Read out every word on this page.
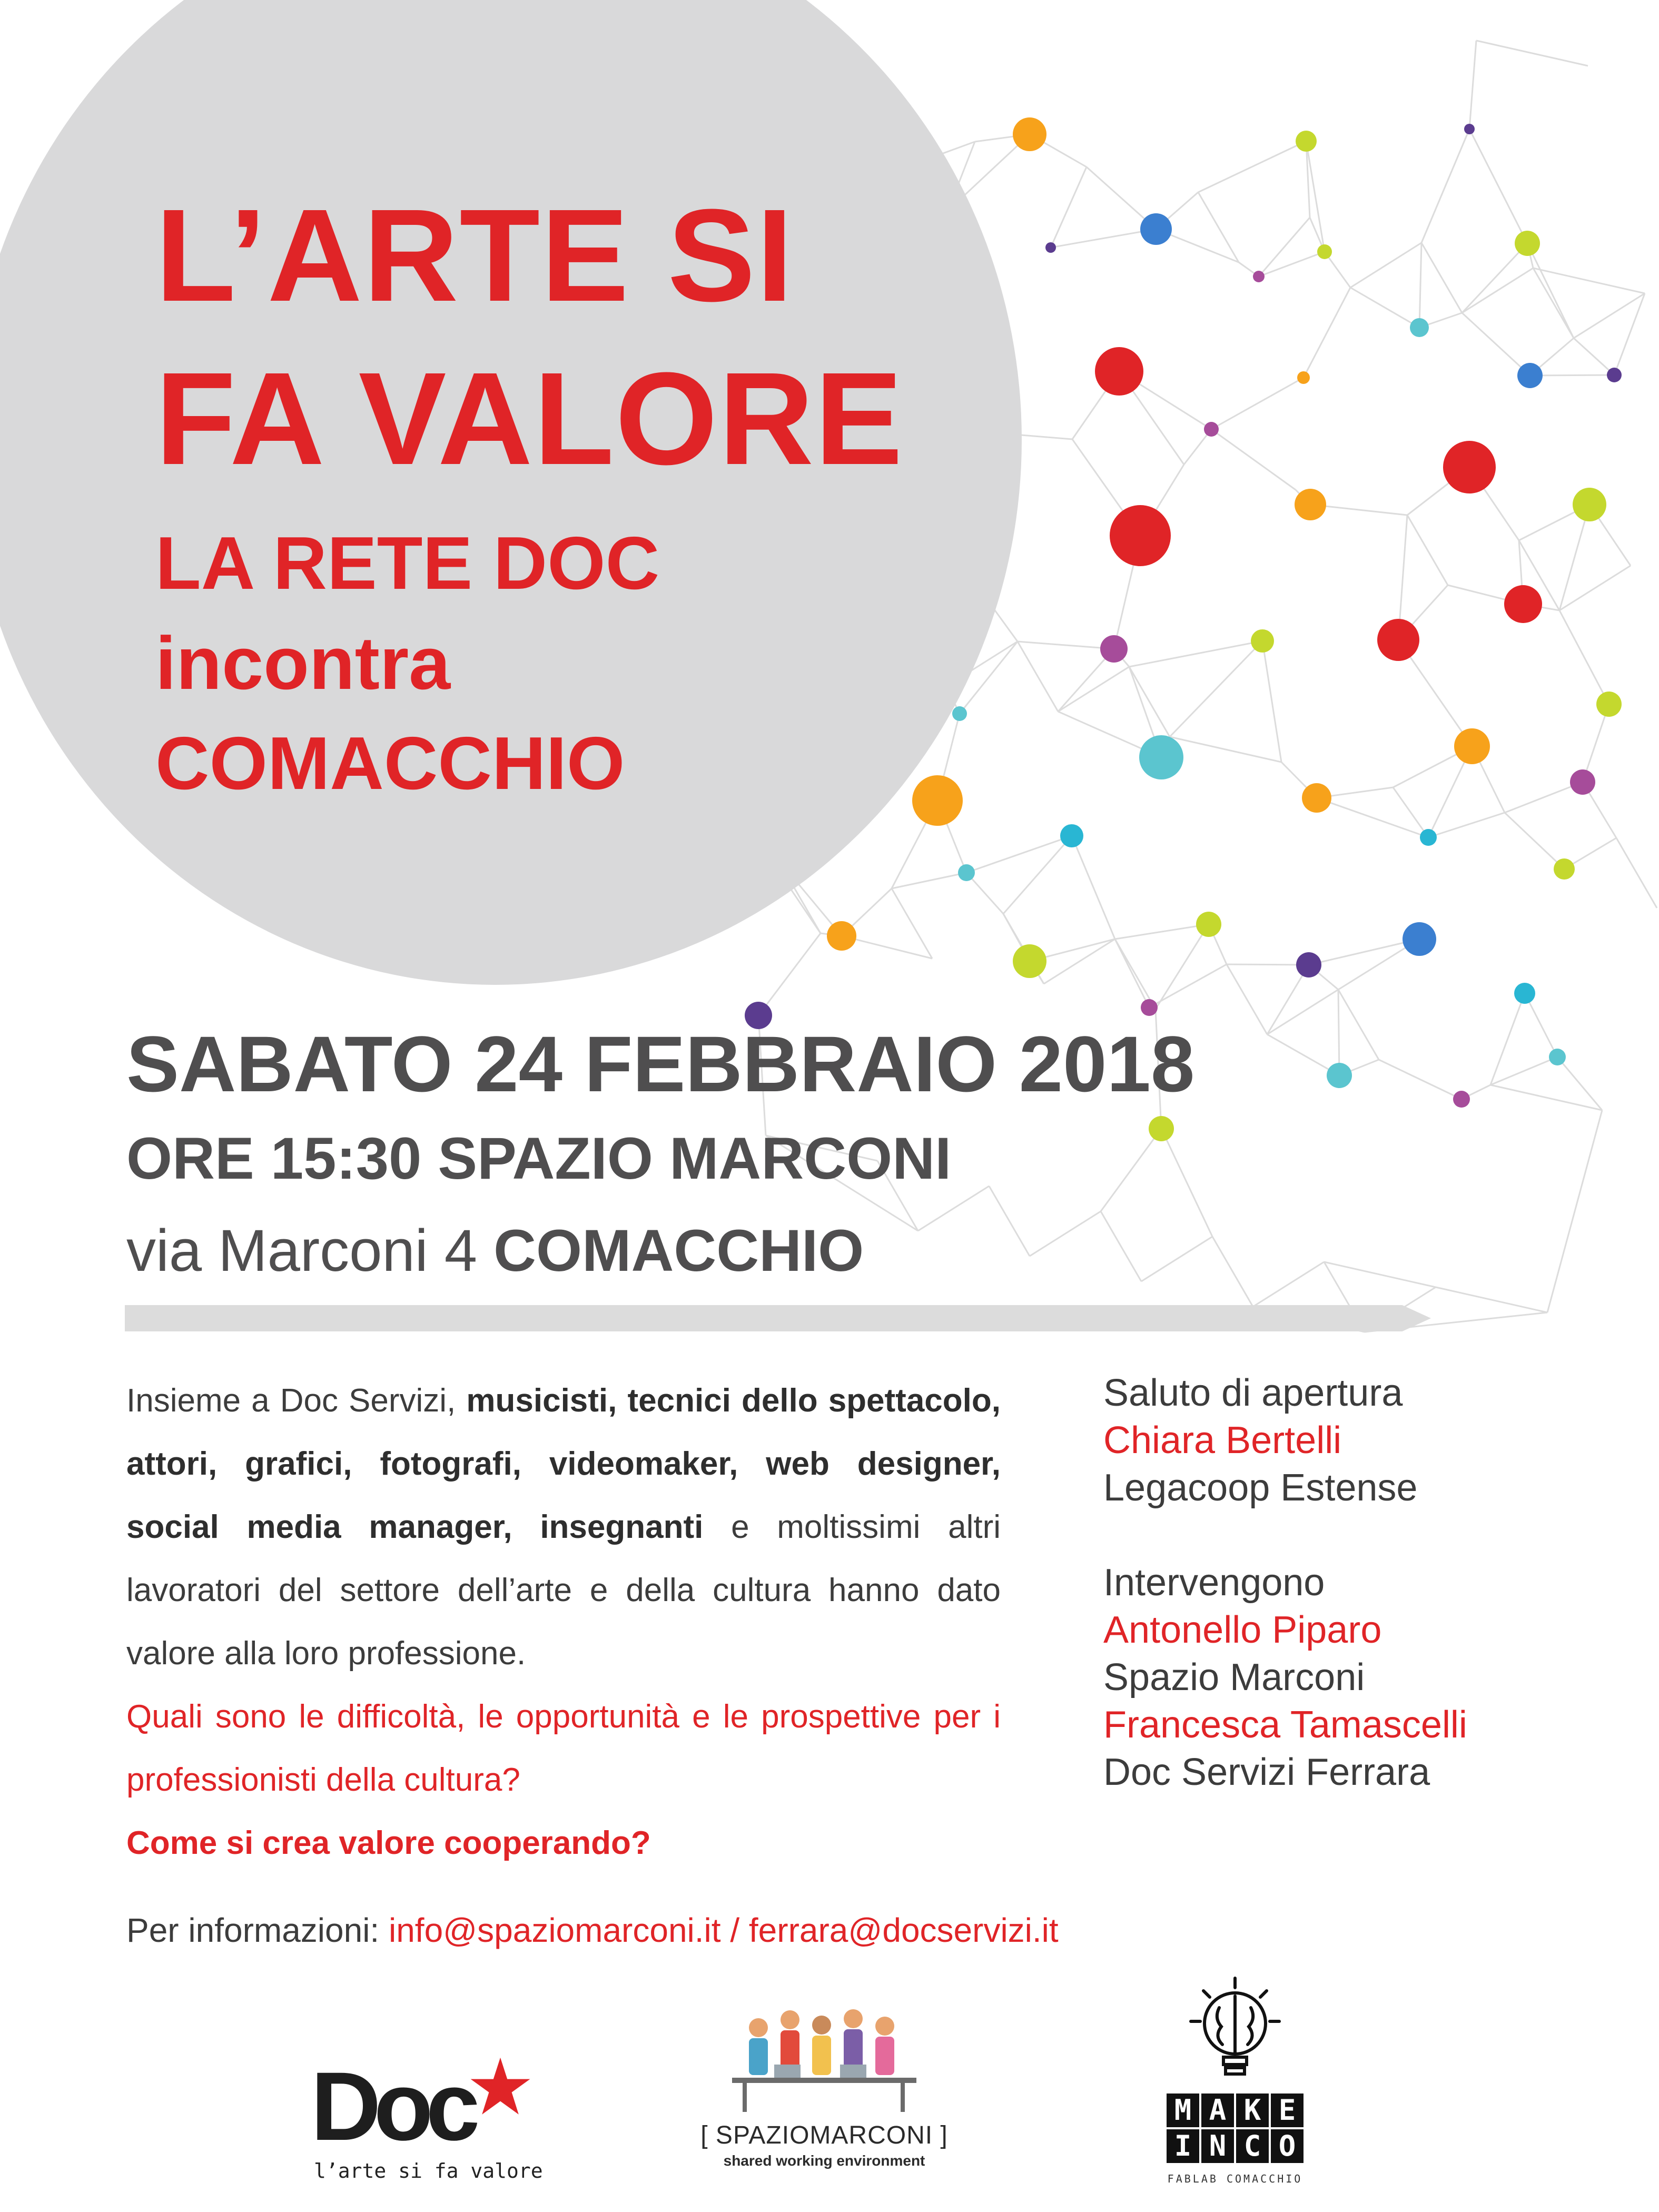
L’ARTE SI
FA VALORE
LA RETE DOC
incontra
COMACCHIO
SABATO 24 FEBBRAIO 2018
ORE 15:30 SPAZIO MARCONI
via Marconi 4 COMACCHIO

Insieme a Doc Servizi, musicisti, tecnici dello spettacolo, attori, grafici, fotografi, videomaker, web designer, social media manager, insegnanti e moltissimi altri lavoratori del settore dell’arte e della cultura hanno dato valore alla loro professione.

Quali sono le difficoltà, le opportunità e le prospettive per i professionisti della cultura?

Come si crea valore cooperando?

Saluto di apertura
Chiara Bertelli
Legacoop Estense
Intervengono
Antonello Piparo
Spazio Marconi
Francesca Tamascelli
Doc Servizi Ferrara
Per informazioni: info@spaziomarconi.it / ferrara@docservizi.it
Doc
l’arte si fa valore
[ SPAZIOMARCONI ]
shared working environment
M A K E
I N C O
FABLAB COMACCHIO
